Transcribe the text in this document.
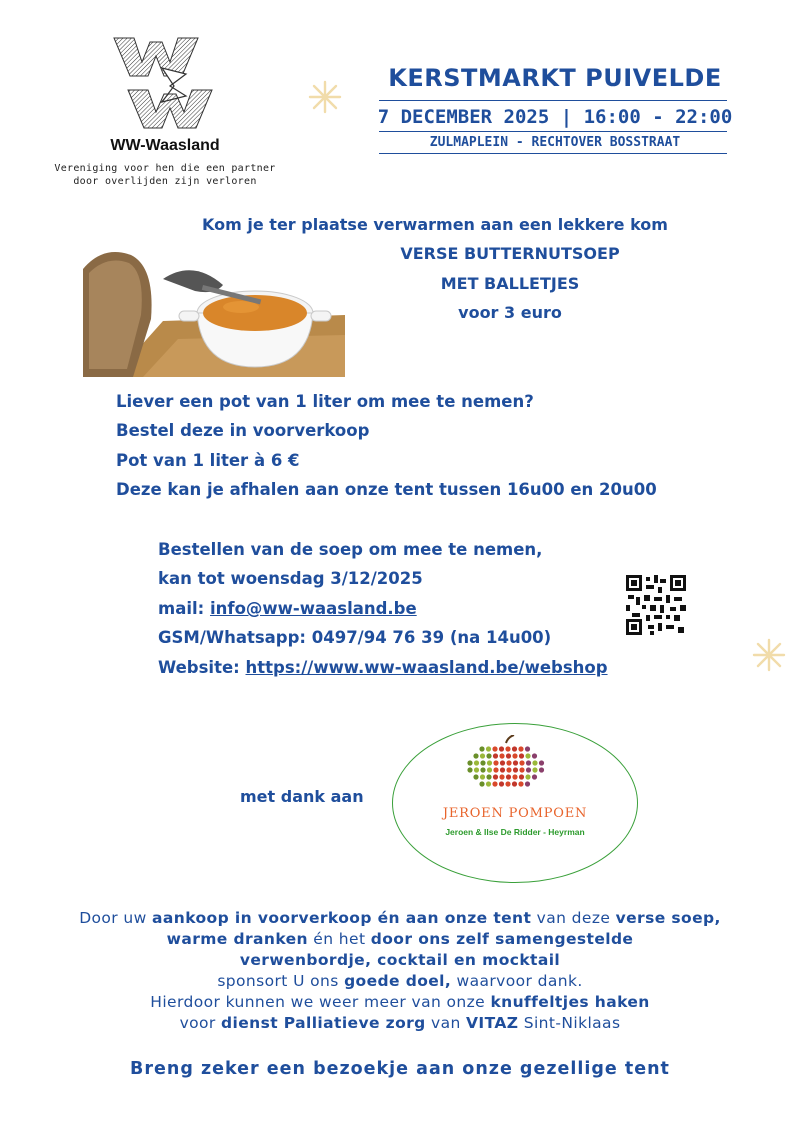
WW-Waasland
Vereniging voor hen die een partner
door overlijden zijn verloren
KERSTMARKT PUIVELDE
7 DECEMBER 2025 | 16:00 - 22:00
ZULMAPLEIN - RECHTOVER BOSSTRAAT
Kom je ter plaatse verwarmen aan een lekkere kom
VERSE BUTTERNUTSOEP
MET BALLETJES
voor 3 euro
Liever een pot van 1 liter om mee te nemen?
Bestel deze in voorverkoop
Pot van 1 liter à 6 €
Deze kan je afhalen aan onze tent tussen 16u00 en 20u00
Bestellen van de soep om mee te nemen,
kan tot woensdag 3/12/2025
mail: info@ww-waasland.be
GSM/Whatsapp: 0497/94 76 39 (na 14u00)
Website: https://www.ww-waasland.be/webshop
met dank aan
JEROEN POMPOEN
Jeroen & Ilse De Ridder - Heyrman
Door uw aankoop in voorverkoop én aan onze tent van deze verse soep,
warme dranken én het door ons zelf samengestelde
verwenbordje, cocktail en mocktail
sponsort U ons goede doel, waarvoor dank.
Hierdoor kunnen we weer meer van onze knuffeltjes haken
voor dienst Palliatieve zorg van VITAZ Sint-Niklaas
Breng zeker een bezoekje aan onze gezellige tent
